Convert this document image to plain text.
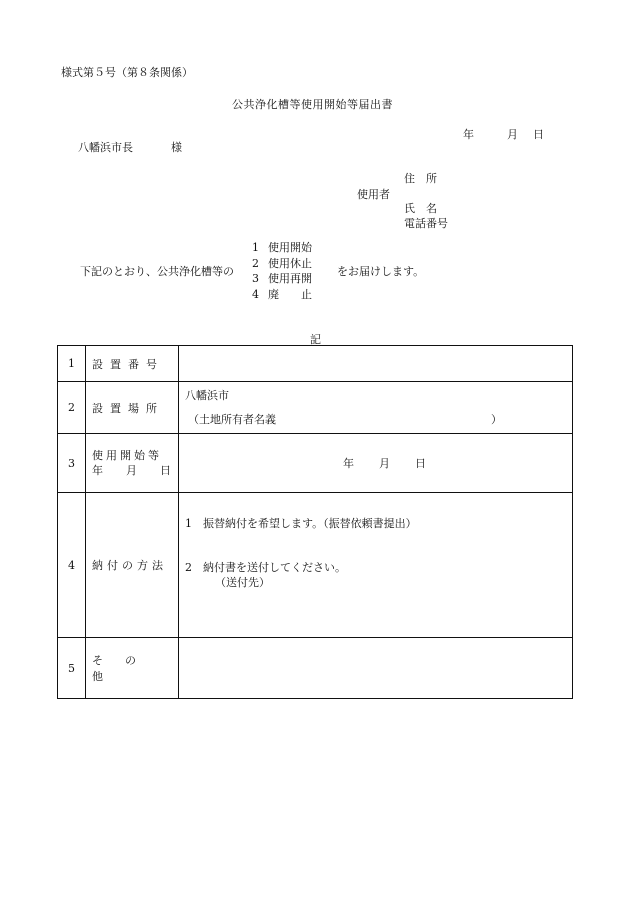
様式第５号（第８条関係）
公共浄化槽等使用開始等届出書
年	月 日
八幡浜市長	様
使用者
住　所
氏　名
電話番号
下記のとおり、公共浄化槽等の
1 使用開始
2 使用休止
3 使用再開
4 廃　　止
をお届けします。
記
1	設置番号	
2	設置場所	八幡浜市
（土地所有者名義 ）

3	使用開始等
年　月　日	年 月 日
4	納付の方法	1　振替納付を希望します。（振替依頼書提出）
2　納付書を送付してください。
（送付先）

5	その他	
